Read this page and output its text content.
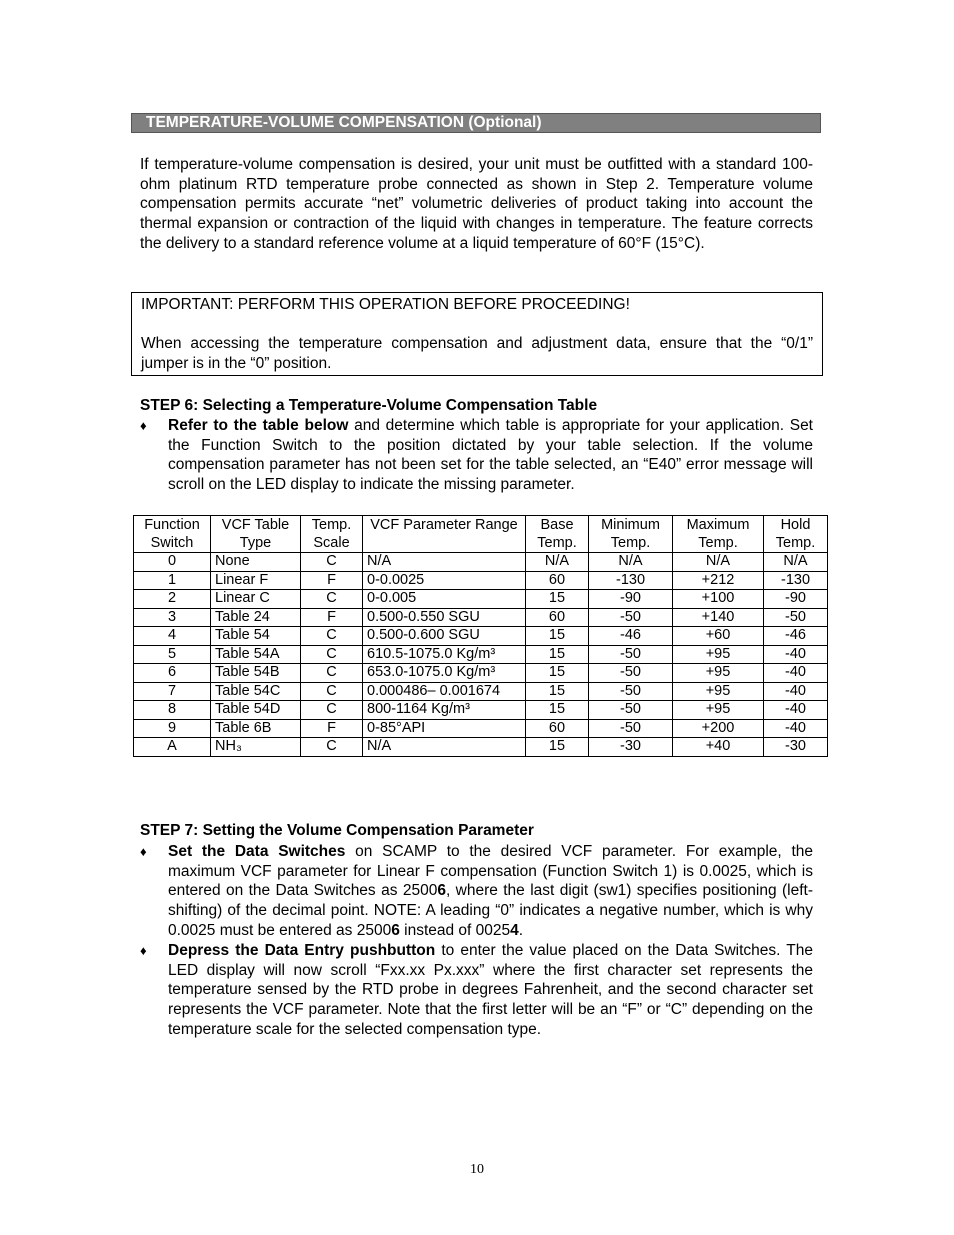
TEMPERATURE-VOLUME COMPENSATION (Optional)

If temperature-volume compensation is desired, your unit must be outfitted with a standard 100-ohm platinum RTD temperature probe connected as shown in Step 2. Temperature volume compensation permits accurate “net” volumetric deliveries of product taking into account the thermal expansion or contraction of the liquid with changes in temperature. The feature corrects the delivery to a standard reference volume at a liquid temperature of 60°F (15°C).

IMPORTANT: PERFORM THIS OPERATION BEFORE PROCEEDING!

When accessing the temperature compensation and adjustment data, ensure that the “0/1” jumper is in the “0” position.

STEP 6: Selecting a Temperature-Volume Compensation Table
♦ Refer to the table below and determine which table is appropriate for your application. Set the Function Switch to the position dictated by your table selection. If the volume compensation parameter has not been set for the table selected, an “E40” error message will scroll on the LED display to indicate the missing parameter.
Function Switch	VCF Table Type	Temp. Scale	VCF Parameter Range	Base Temp.	Minimum Temp.	Maximum Temp.	Hold Temp.
0	None	C	N/A	N/A	N/A	N/A	N/A
1	Linear F	F	0-0.0025	60	-130	+212	-130
2	Linear C	C	0-0.005	15	-90	+100	-90
3	Table 24	F	0.500-0.550 SGU	60	-50	+140	-50
4	Table 54	C	0.500-0.600 SGU	15	-46	+60	-46
5	Table 54A	C	610.5-1075.0 Kg/m³	15	-50	+95	-40
6	Table 54B	C	653.0-1075.0 Kg/m³	15	-50	+95	-40
7	Table 54C	C	0.000486– 0.001674	15	-50	+95	-40
8	Table 54D	C	800-1164 Kg/m³	15	-50	+95	-40
9	Table 6B	F	0-85°API	60	-50	+200	-40
A	NH₃	C	N/A	15	-30	+40	-30
STEP 7: Setting the Volume Compensation Parameter
♦ Set the Data Switches on SCAMP to the desired VCF parameter. For example, the maximum VCF parameter for Linear F compensation (Function Switch 1) is 0.0025, which is entered on the Data Switches as 25006, where the last digit (sw1) specifies positioning (left-shifting) of the decimal point. NOTE: A leading “0” indicates a negative number, which is why 0.0025 must be entered as 25006 instead of 00254.
♦ Depress the Data Entry pushbutton to enter the value placed on the Data Switches. The LED display will now scroll “Fxx.xx Px.xxx” where the first character set represents the temperature sensed by the RTD probe in degrees Fahrenheit, and the second character set represents the VCF parameter. Note that the first letter will be an “F” or “C” depending on the temperature scale for the selected compensation type.
10
